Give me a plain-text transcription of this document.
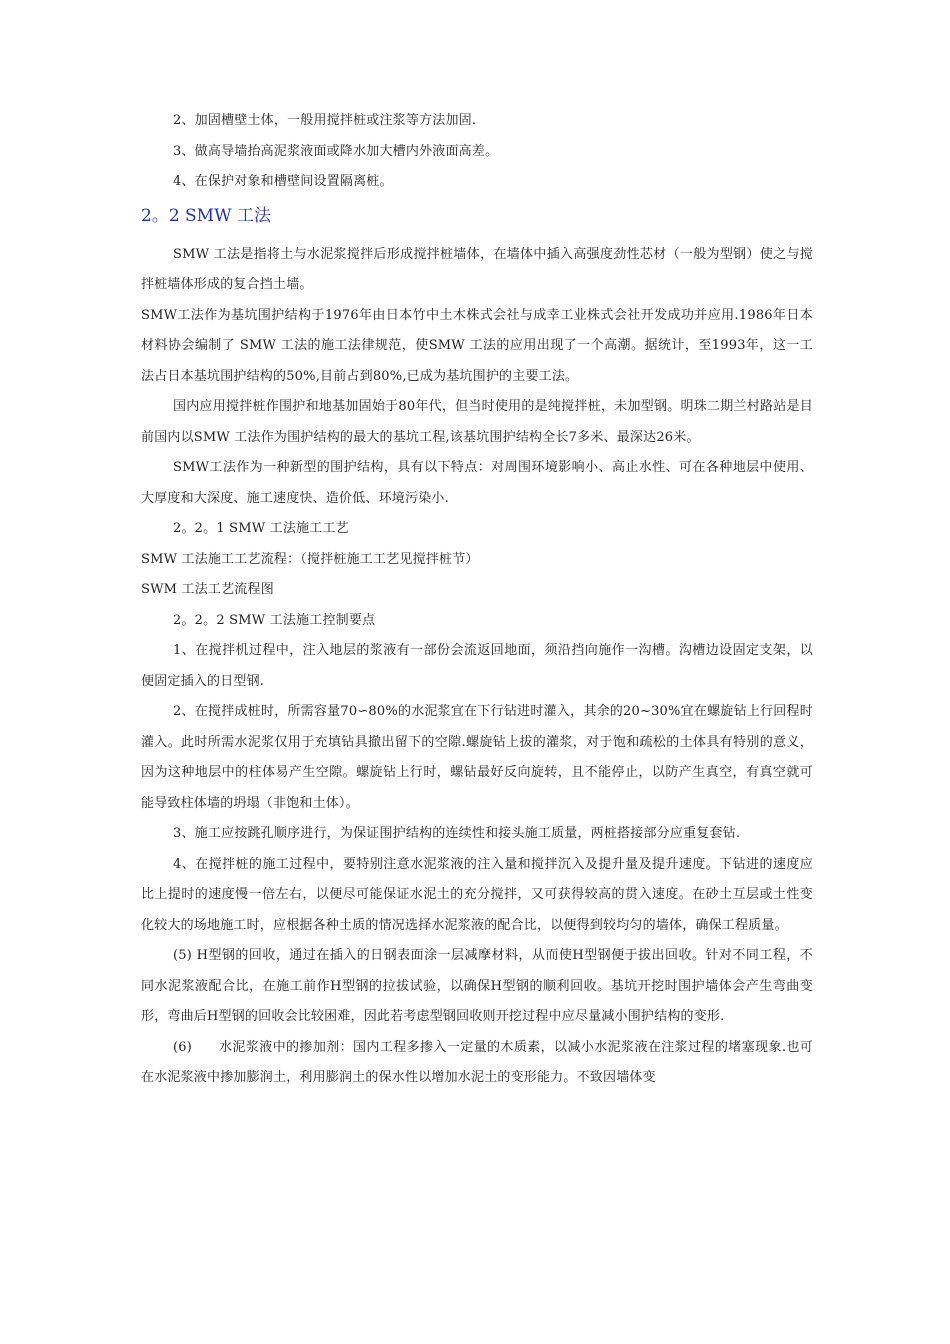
2、加固槽壁土体，一般用搅拌桩或注浆等方法加固.

3、做高导墙抬高泥浆液面或降水加大槽内外液面高差。

4、在保护对象和槽壁间设置隔离桩。

2。2 SMW 工法

SMW 工法是指将土与水泥浆搅拌后形成搅拌桩墙体，在墙体中插入高强度劲性芯材（一般为型钢）使之与搅拌桩墙体形成的复合挡土墙。

SMW工法作为基坑围护结构于1976年由日本竹中土木株式会社与成幸工业株式会社开发成功并应用.1986年日本材料协会编制了 SMW 工法的施工法律规范，使SMW 工法的应用出现了一个高潮。据统计，至1993年，这一工法占日本基坑围护结构的50%,目前占到80%,已成为基坑围护的主要工法。

国内应用搅拌桩作围护和地基加固始于80年代，但当时使用的是纯搅拌桩，未加型钢。明珠二期兰村路站是目前国内以SMW 工法作为围护结构的最大的基坑工程,该基坑围护结构全长7多米、最深达26米。

SMW工法作为一种新型的围护结构，具有以下特点：对周围环境影响小、高止水性、可在各种地层中使用、大厚度和大深度、施工速度快、造价低、环境污染小.

2。2。1 SMW 工法施工工艺

SMW 工法施工工艺流程：（搅拌桩施工工艺见搅拌桩节）

SWM 工法工艺流程图

2。2。2 SMW 工法施工控制要点

1、在搅拌机过程中，注入地层的浆液有一部份会流返回地面，须沿挡向施作一沟槽。沟槽边设固定支架，以便固定插入的日型钢.

2、在搅拌成桩时，所需容量70∽80%的水泥浆宜在下行钻进时灌入，其余的20~30%宜在螺旋钻上行回程时灌入。此时所需水泥浆仅用于充填钻具撤出留下的空隙.螺旋钻上拔的灌浆，对于饱和疏松的土体具有特别的意义，因为这种地层中的柱体易产生空隙。螺旋钻上行时，螺钻最好反向旋转，且不能停止，以防产生真空，有真空就可能导致柱体墙的坍塌（非饱和土体）。

3、施工应按跳孔顺序进行，为保证围护结构的连续性和接头施工质量，两桩搭接部分应重复套钻.

4、在搅拌桩的施工过程中，要特别注意水泥浆液的注入量和搅拌沉入及提升量及提升速度。下钻进的速度应比上提时的速度慢一倍左右，以便尽可能保证水泥土的充分搅拌，又可获得较高的贯入速度。在砂土互层或土性变化较大的场地施工时，应根据各种土质的情况选择水泥浆液的配合比，以便得到较均匀的墙体，确保工程质量。

(5) H型钢的回收，通过在插入的日钢表面涂一层减摩材料，从而使H型钢便于拔出回收。针对不同工程，不同水泥浆液配合比，在施工前作H型钢的拉拔试验，以确保H型钢的顺利回收。基坑开挖时围护墙体会产生弯曲变形，弯曲后H型钢的回收会比较困难，因此若考虑型钢回收则开挖过程中应尽量减小围护结构的变形.

(6)　　水泥浆液中的掺加剂：国内工程多掺入一定量的木质素，以减小水泥浆液在注浆过程的堵塞现象.也可在水泥浆液中掺加膨润土，利用膨润土的保水性以增加水泥土的变形能力。不致因墙体变
